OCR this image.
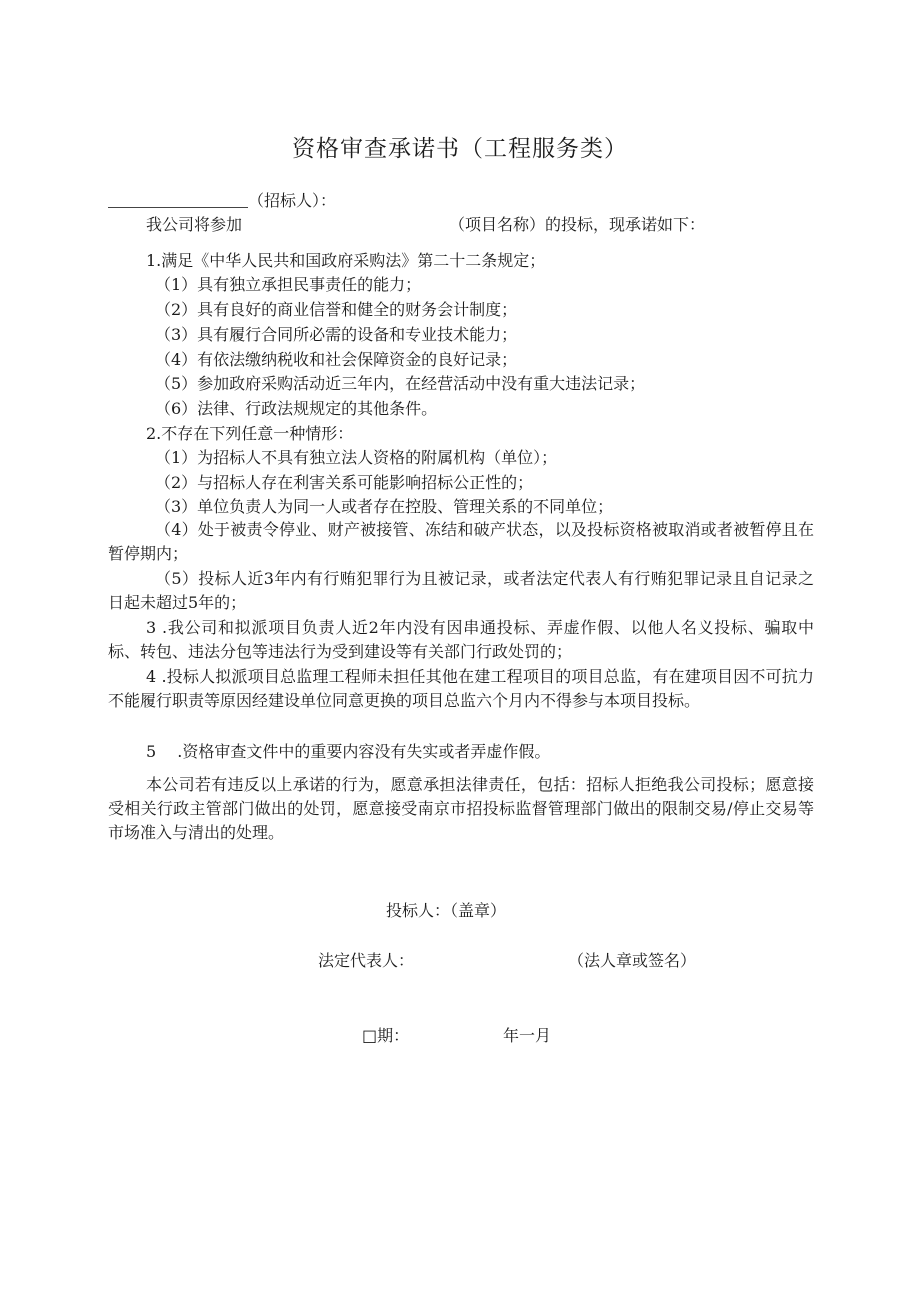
资格审查承诺书（工程服务类）
（招标人）：
我公司将参加	（项目名称）的投标，现承诺如下：
1.满足《中华人民共和国政府采购法》第二十二条规定；
（1）具有独立承担民事责任的能力；
（2）具有良好的商业信誉和健全的财务会计制度；
（3）具有履行合同所必需的设备和专业技术能力；
（4）有依法缴纳税收和社会保障资金的良好记录；
（5）参加政府采购活动近三年内，在经营活动中没有重大违法记录；
（6）法律、行政法规规定的其他条件。
2.不存在下列任意一种情形：
（1）为招标人不具有独立法人资格的附属机构（单位）；
（2）与招标人存在利害关系可能影响招标公正性的；
（3）单位负责人为同一人或者存在控股、管理关系的不同单位；

（4）处于被责令停业、财产被接管、冻结和破产状态，以及投标资格被取消或者被暂停且在暂停期内；

（5）投标人近3年内有行贿犯罪行为且被记录，或者法定代表人有行贿犯罪记录且自记录之日起未超过5年的；

3 .我公司和拟派项目负责人近2年内没有因串通投标、弄虚作假、以他人名义投标、骗取中标、转包、违法分包等违法行为受到建设等有关部门行政处罚的；

4 .投标人拟派项目总监理工程师未担任其他在建工程项目的项目总监，有在建项目因不可抗力不能履行职责等原因经建设单位同意更换的项目总监六个月内不得参与本项目投标。

5　 .资格审查文件中的重要内容没有失实或者弄虚作假。

本公司若有违反以上承诺的行为，愿意承担法律责任，包括：招标人拒绝我公司投标；愿意接受相关行政主管部门做出的处罚，愿意接受南京市招投标监督管理部门做出的限制交易/停止交易等市场准入与清出的处理。

投标人：（盖章）
法定代表人：	（法人章或签名）
□期：	年一月
